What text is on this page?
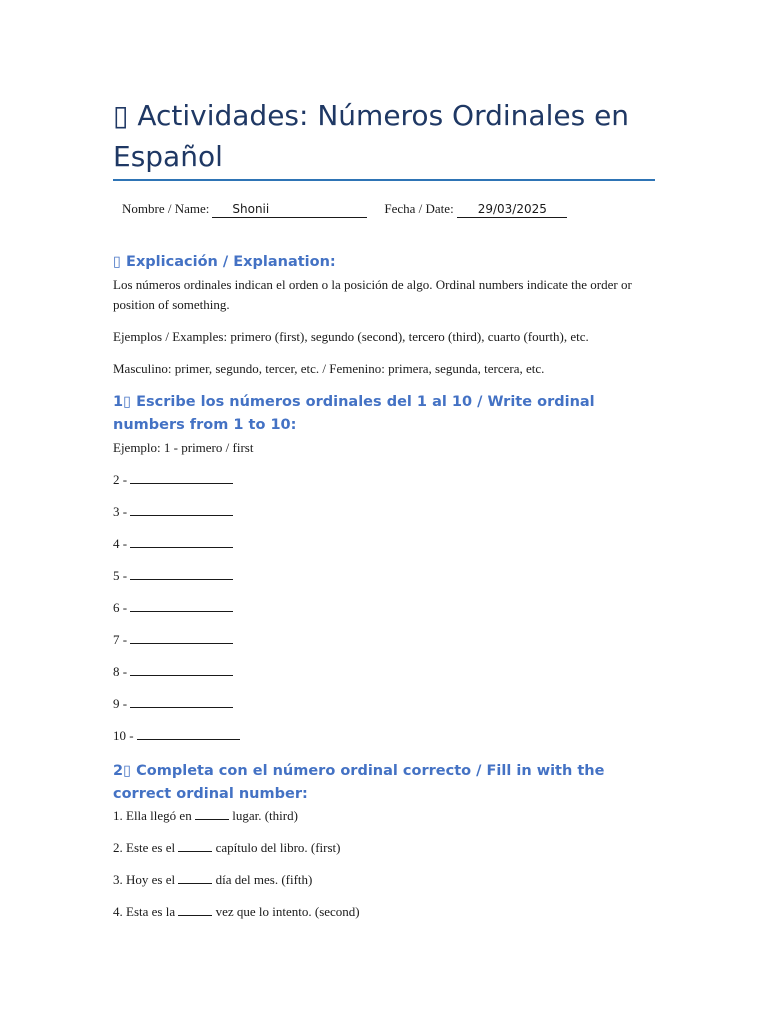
▯ Actividades: Números Ordinales en Español
Nombre / Name: Shonii	Fecha / Date: 29/03/2025
▯ Explicación / Explanation:

Los números ordinales indican el orden o la posición de algo. Ordinal numbers indicate the order or position of something.

Ejemplos / Examples: primero (first), segundo (second), tercero (third), cuarto (fourth), etc.

Masculino: primer, segundo, tercer, etc. / Femenino: primera, segunda, tercera, etc.

1▯ Escribe los números ordinales del 1 al 10 / Write ordinal numbers from 1 to 10:

Ejemplo: 1 - primero / first

2 -

3 -

4 -

5 -

6 -

7 -

8 -

9 -

10 -

2▯ Completa con el número ordinal correcto / Fill in with the correct ordinal number:

1. Ella llegó en	lugar. (third)

2. Este es el	capítulo del libro. (first)

3. Hoy es el	día del mes. (fifth)

4. Esta es la	vez que lo intento. (second)
